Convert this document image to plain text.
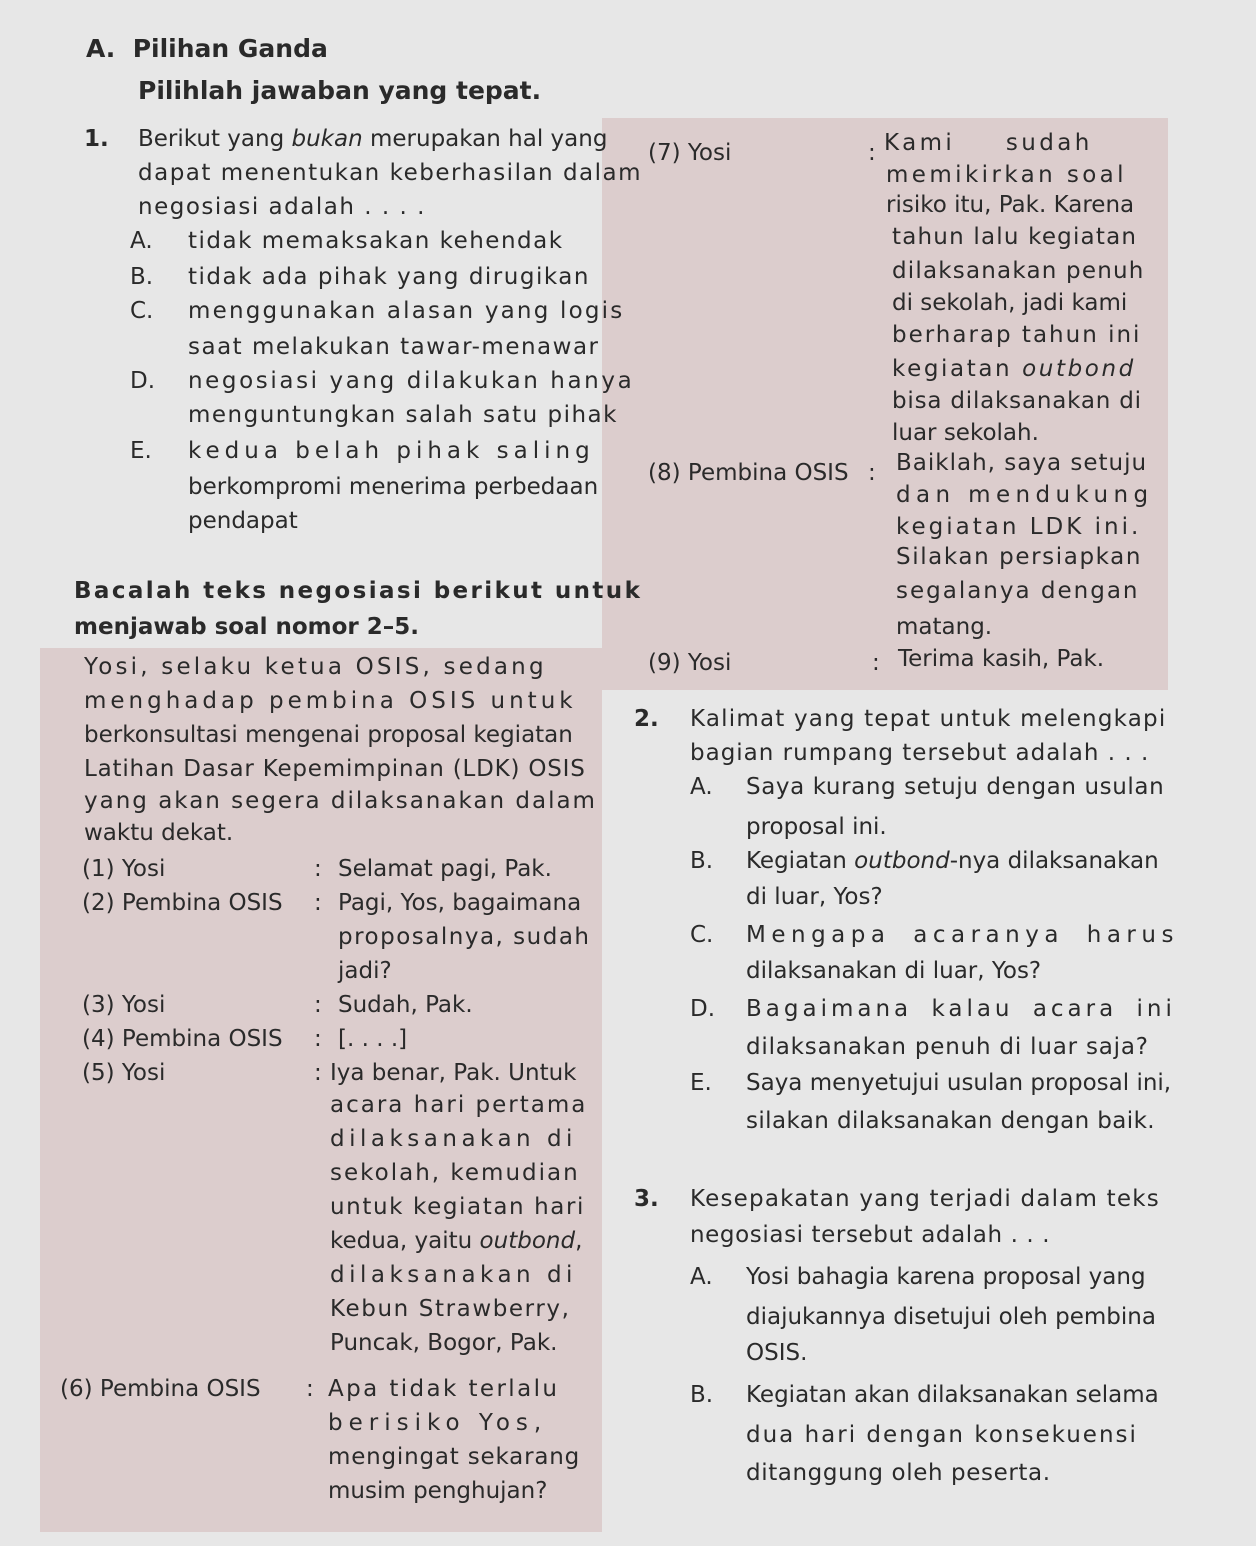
A.  Pilihan Ganda
Pilihlah jawaban yang tepat.
1. Berikut yang bukan merupakan hal yang
dapat menentukan keberhasilan dalam
negosiasi adalah . . . .
A. tidak memaksakan kehendak
B. tidak ada pihak yang dirugikan
C. menggunakan alasan yang logis
saat melakukan tawar-menawar
D. negosiasi yang dilakukan hanya
menguntungkan salah satu pihak
E. kedua belah pihak saling
berkompromi menerima perbedaan
pendapat
Bacalah teks negosiasi berikut untuk
menjawab soal nomor 2–5.
Yosi, selaku ketua OSIS, sedang
menghadap pembina OSIS untuk
berkonsultasi mengenai proposal kegiatan
Latihan Dasar Kepemimpinan (LDK) OSIS
yang akan segera dilaksanakan dalam
waktu dekat.
(1) Yosi	: Selamat pagi, Pak.
(2) Pembina OSIS : Pagi, Yos, bagaimana
proposalnya, sudah
jadi?
(3) Yosi	: Sudah, Pak.
(4) Pembina OSIS : [. . . .]
(5) Yosi	: Iya benar, Pak. Untuk
acara hari pertama
dilaksanakan di
sekolah, kemudian
untuk kegiatan hari
kedua, yaitu outbond,
dilaksanakan di
Kebun Strawberry,
Puncak, Bogor, Pak.
(6) Pembina OSIS : Apa tidak terlalu
berisiko Yos,
mengingat sekarang
musim penghujan?
(7) Yosi	: Kami sudah
memikirkan soal
risiko itu, Pak. Karena
tahun lalu kegiatan
dilaksanakan penuh
di sekolah, jadi kami
berharap tahun ini
kegiatan outbond
bisa dilaksanakan di
luar sekolah.
(8) Pembina OSIS : Baiklah, saya setuju
dan mendukung
kegiatan LDK ini.
Silakan persiapkan
segalanya dengan
matang.
(9) Yosi	: Terima kasih, Pak.
2. Kalimat yang tepat untuk melengkapi
bagian rumpang tersebut adalah . . .
A. Saya kurang setuju dengan usulan
proposal ini.
B. Kegiatan outbond-nya dilaksanakan
di luar, Yos?
C. Mengapa acaranya harus
dilaksanakan di luar, Yos?
D. Bagaimana kalau acara ini
dilaksanakan penuh di luar saja?
E. Saya menyetujui usulan proposal ini,
silakan dilaksanakan dengan baik.
3. Kesepakatan yang terjadi dalam teks
negosiasi tersebut adalah . . .
A. Yosi bahagia karena proposal yang
diajukannya disetujui oleh pembina
OSIS.
B. Kegiatan akan dilaksanakan selama
dua hari dengan konsekuensi
ditanggung oleh peserta.
